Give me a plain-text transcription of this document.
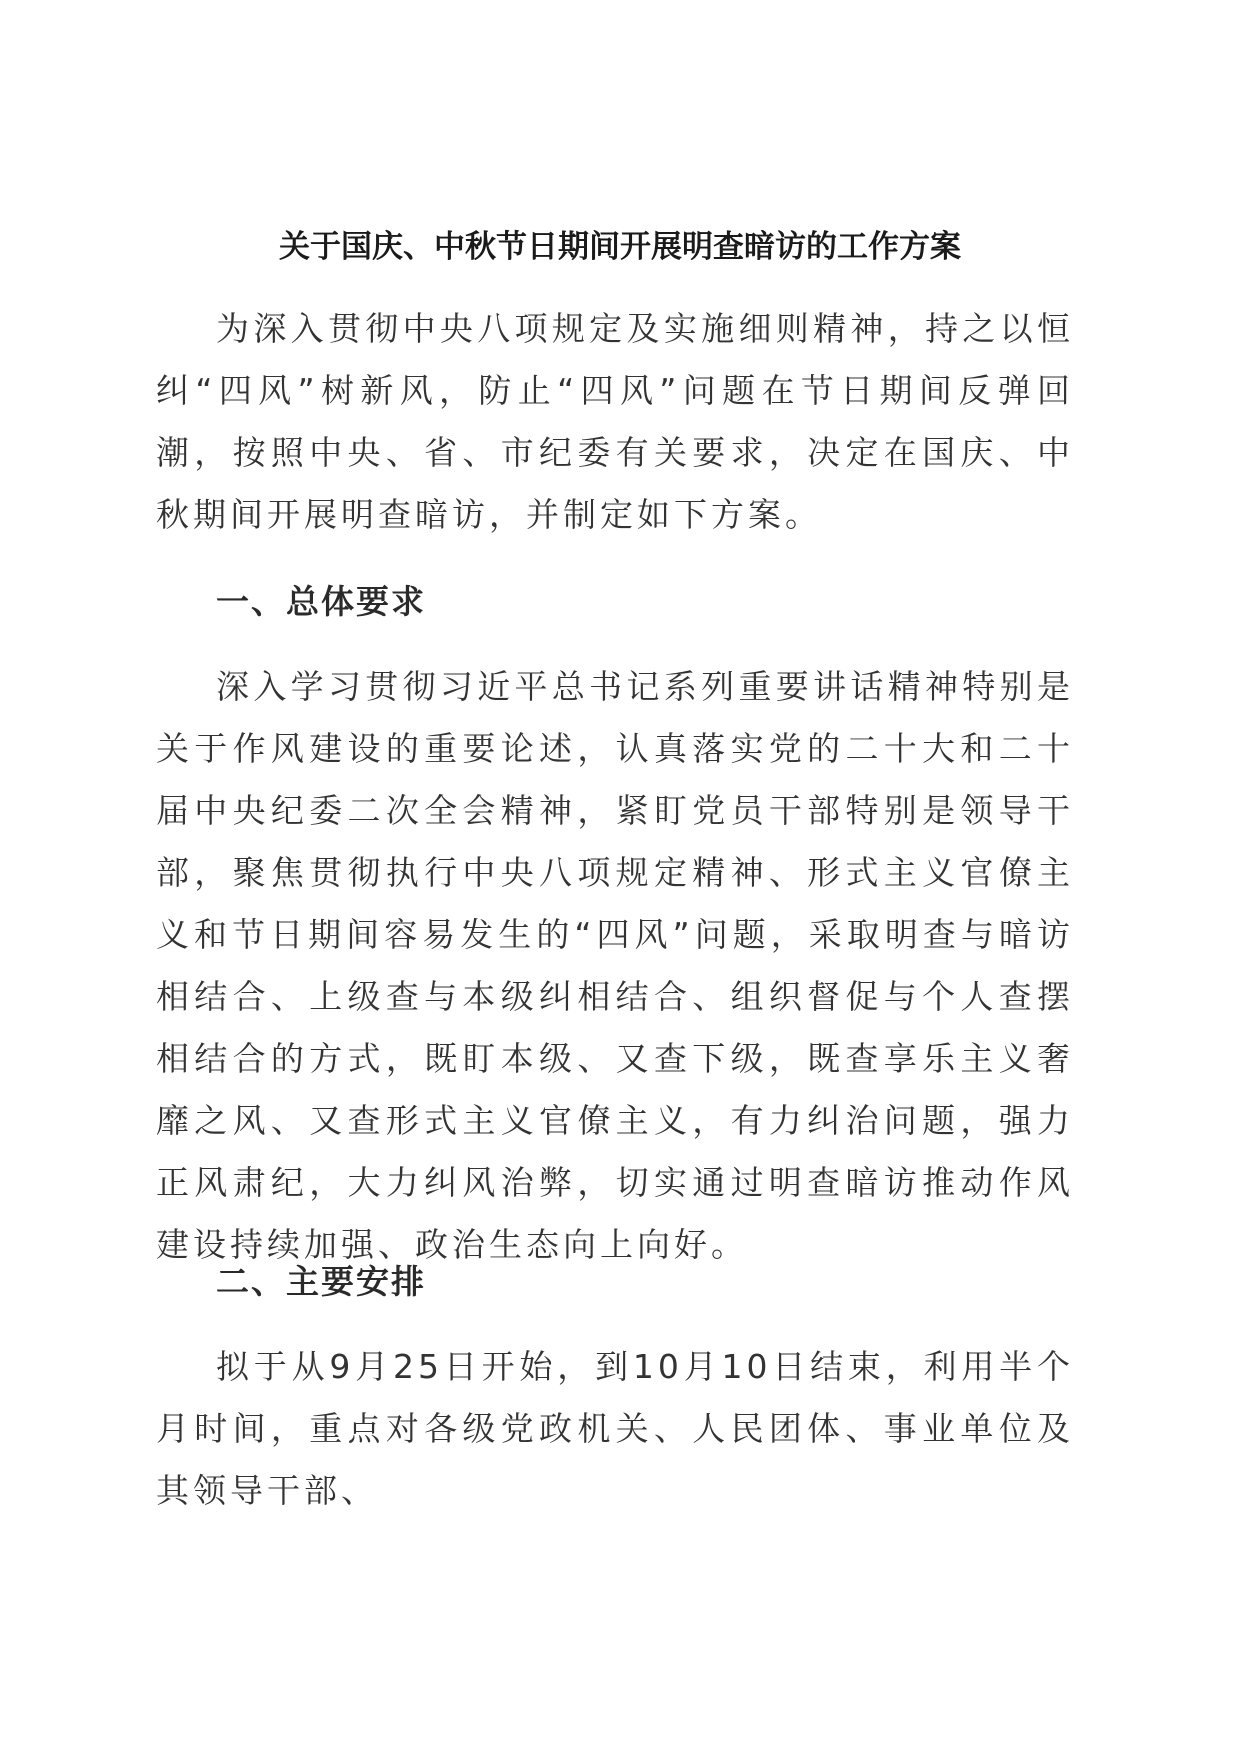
关于国庆、中秋节日期间开展明查暗访的工作方案

为深入贯彻中央八项规定及实施细则精神，持之以恒纠“四风”树新风，防止“四风”问题在节日期间反弹回潮，按照中央、省、市纪委有关要求，决定在国庆、中秋期间开展明查暗访，并制定如下方案。

一、总体要求

深入学习贯彻习近平总书记系列重要讲话精神特别是关于作风建设的重要论述，认真落实党的二十大和二十届中央纪委二次全会精神，紧盯党员干部特别是领导干部，聚焦贯彻执行中央八项规定精神、形式主义官僚主义和节日期间容易发生的“四风”问题，采取明查与暗访相结合、上级查与本级纠相结合、组织督促与个人查摆相结合的方式，既盯本级、又查下级，既查享乐主义奢靡之风、又查形式主义官僚主义，有力纠治问题，强力正风肃纪，大力纠风治弊，切实通过明查暗访推动作风建设持续加强、政治生态向上向好。

二、主要安排

拟于从9月25日开始，到10月10日结束，利用半个月时间，重点对各级党政机关、人民团体、事业单位及其领导干部、
